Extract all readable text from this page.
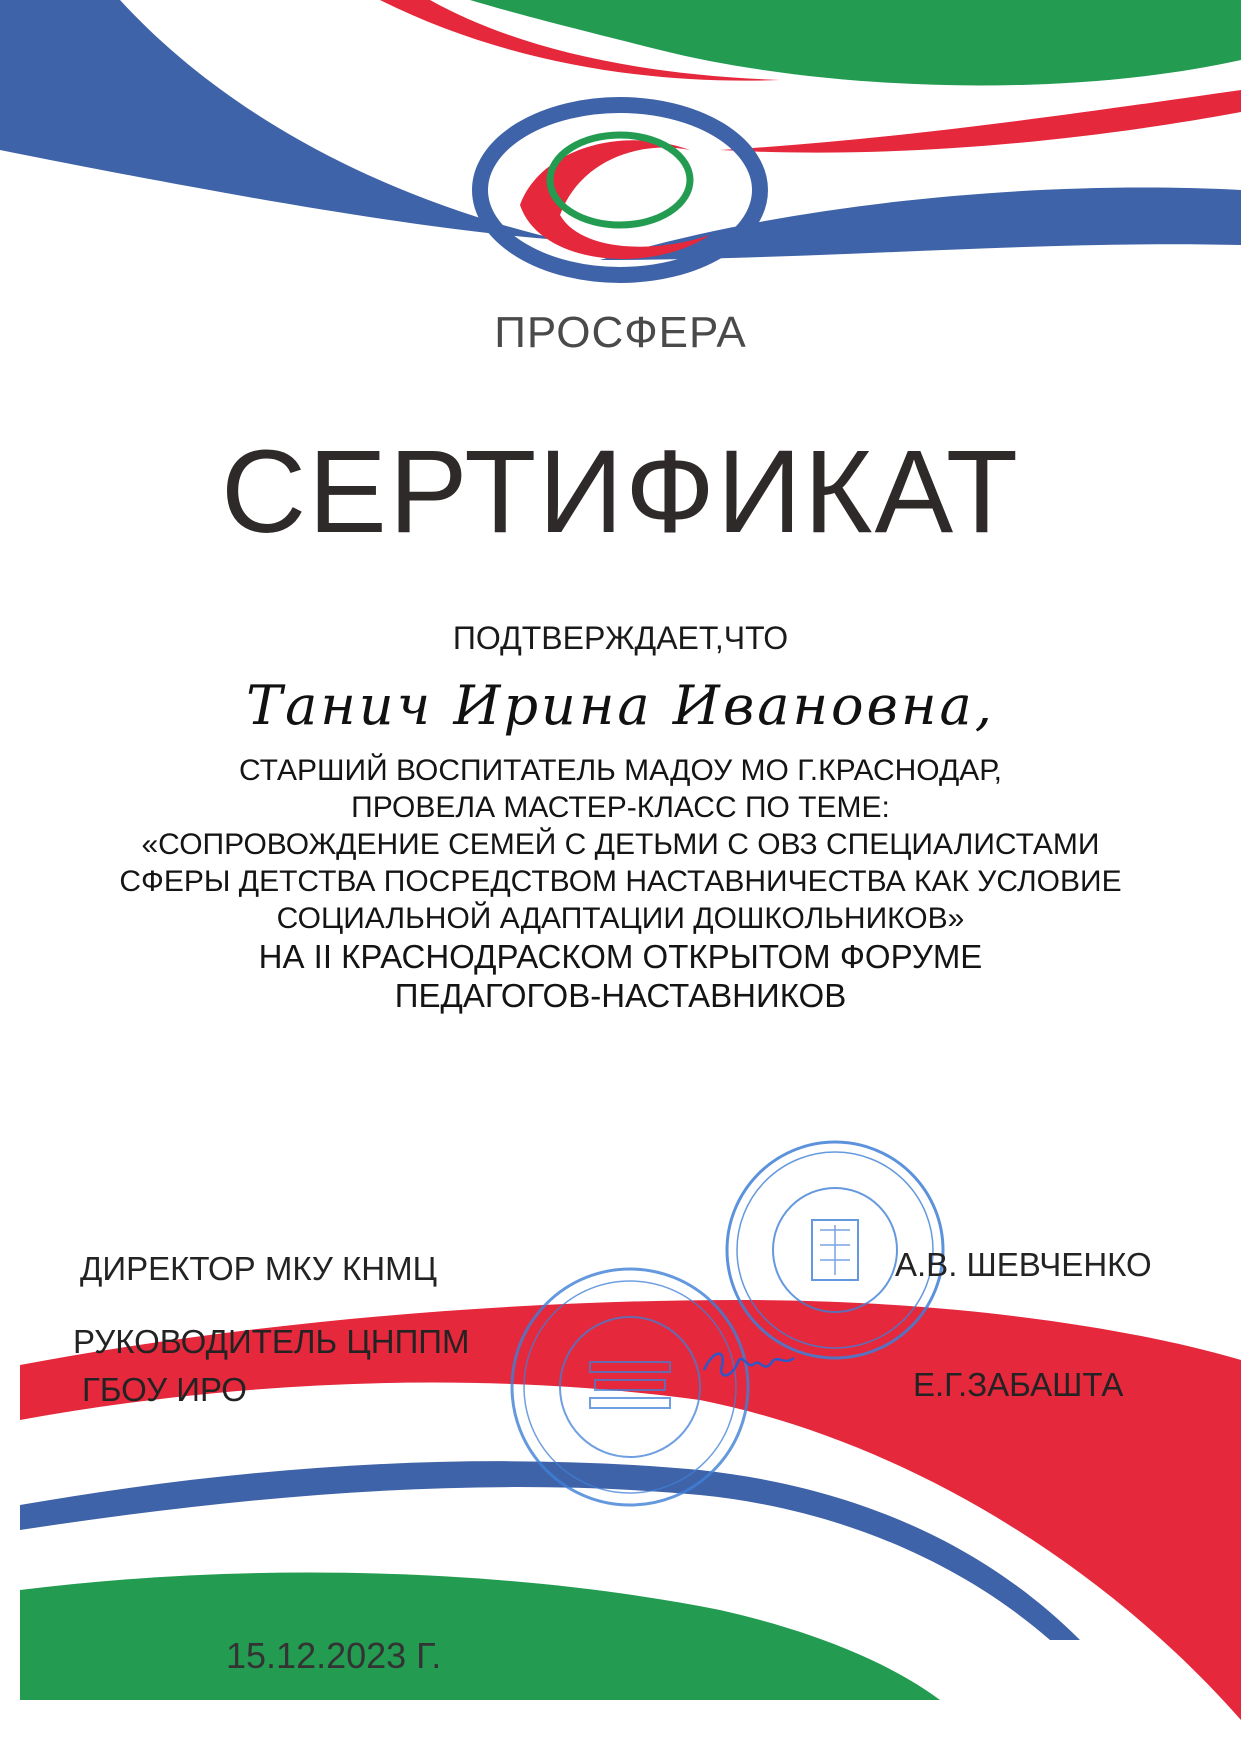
ПРОСФЕРА
СЕРТИФИКАТ
ПОДТВЕРЖДАЕТ,ЧТО
Танич Ирина Ивановна,
СТАРШИЙ ВОСПИТАТЕЛЬ МАДОУ МО Г.КРАСНОДАР,
ПРОВЕЛА МАСТЕР-КЛАСС ПО ТЕМЕ:
«СОПРОВОЖДЕНИЕ СЕМЕЙ С ДЕТЬМИ С ОВЗ СПЕЦИАЛИСТАМИ
СФЕРЫ ДЕТСТВА ПОСРЕДСТВОМ НАСТАВНИЧЕСТВА КАК УСЛОВИЕ
СОЦИАЛЬНОЙ АДАПТАЦИИ ДОШКОЛЬНИКОВ»
НА II КРАСНОДРАСКОМ ОТКРЫТОМ ФОРУМЕ
ПЕДАГОГОВ-НАСТАВНИКОВ
ДИРЕКТОР МКУ КНМЦ	А.В. ШЕВЧЕНКО
РУКОВОДИТЕЛЬ ЦНППМ
ГБОУ ИРО	Е.Г.ЗАБАШТА
15.12.2023 Г.
